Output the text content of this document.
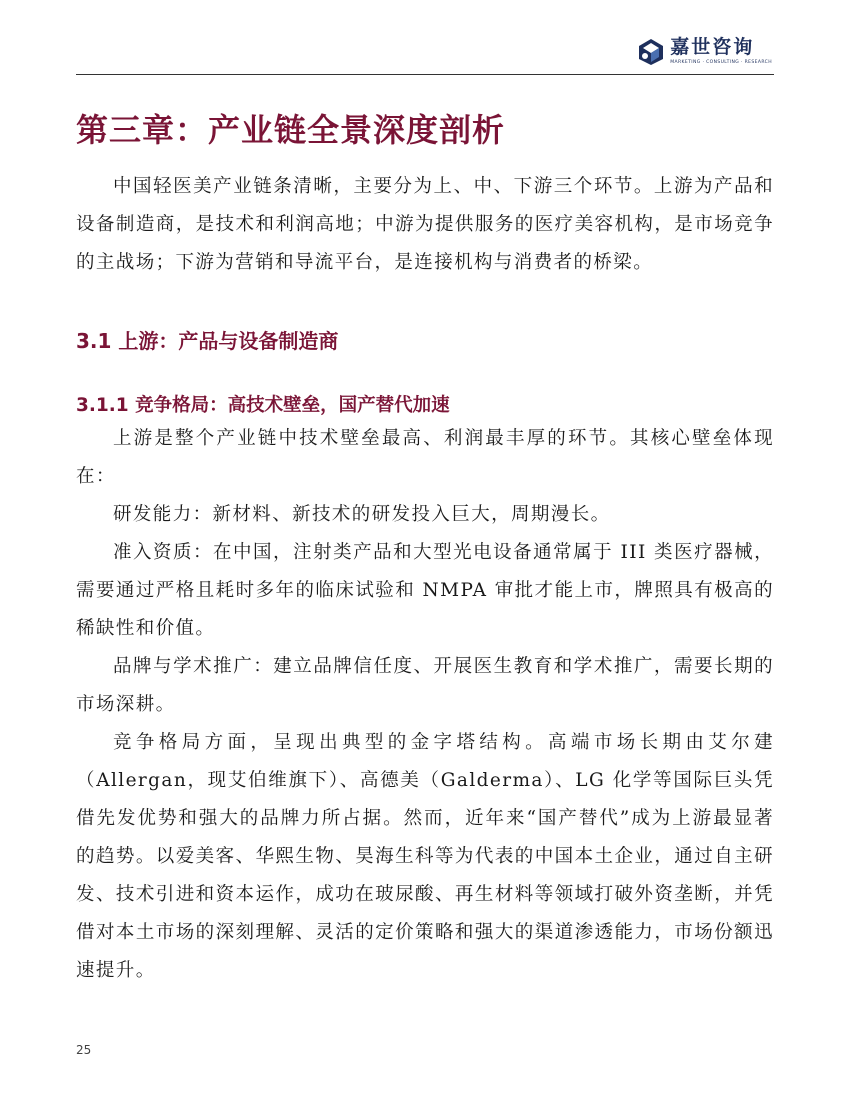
嘉世咨询
MARKETING · CONSULTING · RESEARCH
第三章：产业链全景深度剖析

中国轻医美产业链条清晰，主要分为上、中、下游三个环节。上游为产品和设备制造商，是技术和利润高地；中游为提供服务的医疗美容机构，是市场竞争的主战场；下游为营销和导流平台，是连接机构与消费者的桥梁。

3.1 上游：产品与设备制造商
3.1.1 竞争格局：高技术壁垒，国产替代加速

上游是整个产业链中技术壁垒最高、利润最丰厚的环节。其核心壁垒体现在：

研发能力：新材料、新技术的研发投入巨大，周期漫长。

准入资质：在中国，注射类产品和大型光电设备通常属于 III 类医疗器械，需要通过严格且耗时多年的临床试验和 NMPA 审批才能上市，牌照具有极高的稀缺性和价值。

品牌与学术推广：建立品牌信任度、开展医生教育和学术推广，需要长期的市场深耕。

竞争格局方面，呈现出典型的金字塔结构。高端市场长期由艾尔建（Allergan，现艾伯维旗下）、高德美（Galderma）、LG 化学等国际巨头凭借先发优势和强大的品牌力所占据。然而，近年来“国产替代”成为上游最显著的趋势。以爱美客、华熙生物、昊海生科等为代表的中国本土企业，通过自主研发、技术引进和资本运作，成功在玻尿酸、再生材料等领域打破外资垄断，并凭借对本土市场的深刻理解、灵活的定价策略和强大的渠道渗透能力，市场份额迅速提升。

25
